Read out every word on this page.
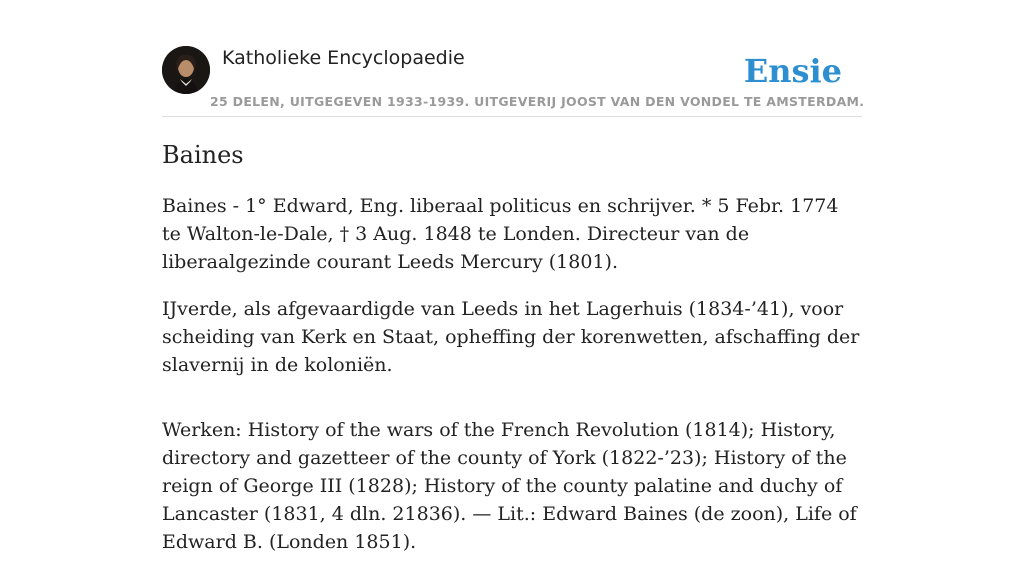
Katholieke Encyclopaedie
25 DELEN, UITGEGEVEN 1933-1939. UITGEVERIJ JOOST VAN DEN VONDEL TE AMSTERDAM.
Ensie
Baines

Baines - 1° Edward, Eng. liberaal politicus en schrijver. * 5 Febr. 1774 te Walton-le-Dale, † 3 Aug. 1848 te Londen. Directeur van de liberaalgezinde courant Leeds Mercury (1801).

IJverde, als afgevaardigde van Leeds in het Lagerhuis (1834-’41), voor scheiding van Kerk en Staat, opheffing der korenwetten, afschaffing der slavernij in de koloniën.

Werken: History of the wars of the French Revolution (1814); History, directory and gazetteer of the county of York (1822-’23); History of the reign of George III (1828); History of the county palatine and duchy of Lancaster (1831, 4 dln. 21836). — Lit.: Edward Baines (de zoon), Life of Edward B. (Londen 1851).
